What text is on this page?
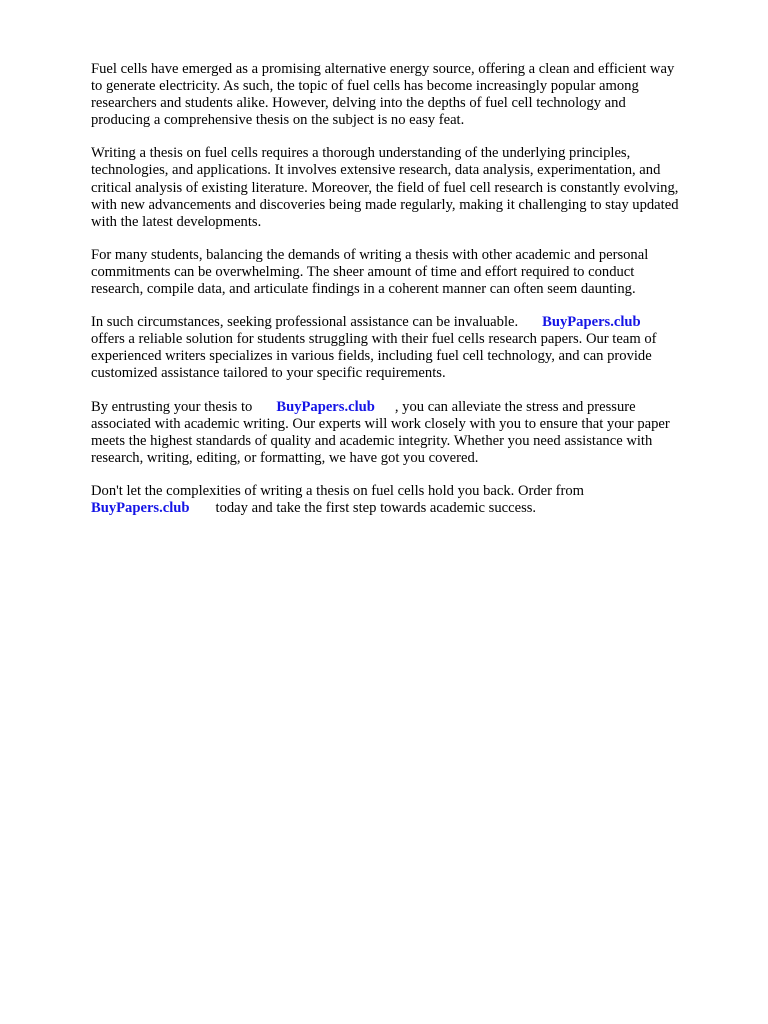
Fuel cells have emerged as a promising alternative energy source, offering a clean and efficient way
to generate electricity. As such, the topic of fuel cells has become increasingly popular among
researchers and students alike. However, delving into the depths of fuel cell technology and
producing a comprehensive thesis on the subject is no easy feat.

Writing a thesis on fuel cells requires a thorough understanding of the underlying principles,
technologies, and applications. It involves extensive research, data analysis, experimentation, and
critical analysis of existing literature. Moreover, the field of fuel cell research is constantly evolving,
with new advancements and discoveries being made regularly, making it challenging to stay updated
with the latest developments.

For many students, balancing the demands of writing a thesis with other academic and personal
commitments can be overwhelming. The sheer amount of time and effort required to conduct
research, compile data, and articulate findings in a coherent manner can often seem daunting.

In such circumstances, seeking professional assistance can be invaluable. BuyPapers.club
offers a reliable solution for students struggling with their fuel cells research papers. Our team of
experienced writers specializes in various fields, including fuel cell technology, and can provide
customized assistance tailored to your specific requirements.

By entrusting your thesis to BuyPapers.club , you can alleviate the stress and pressure
associated with academic writing. Our experts will work closely with you to ensure that your paper
meets the highest standards of quality and academic integrity. Whether you need assistance with
research, writing, editing, or formatting, we have got you covered.

Don't let the complexities of writing a thesis on fuel cells hold you back. Order from
BuyPapers.club today and take the first step towards academic success.
